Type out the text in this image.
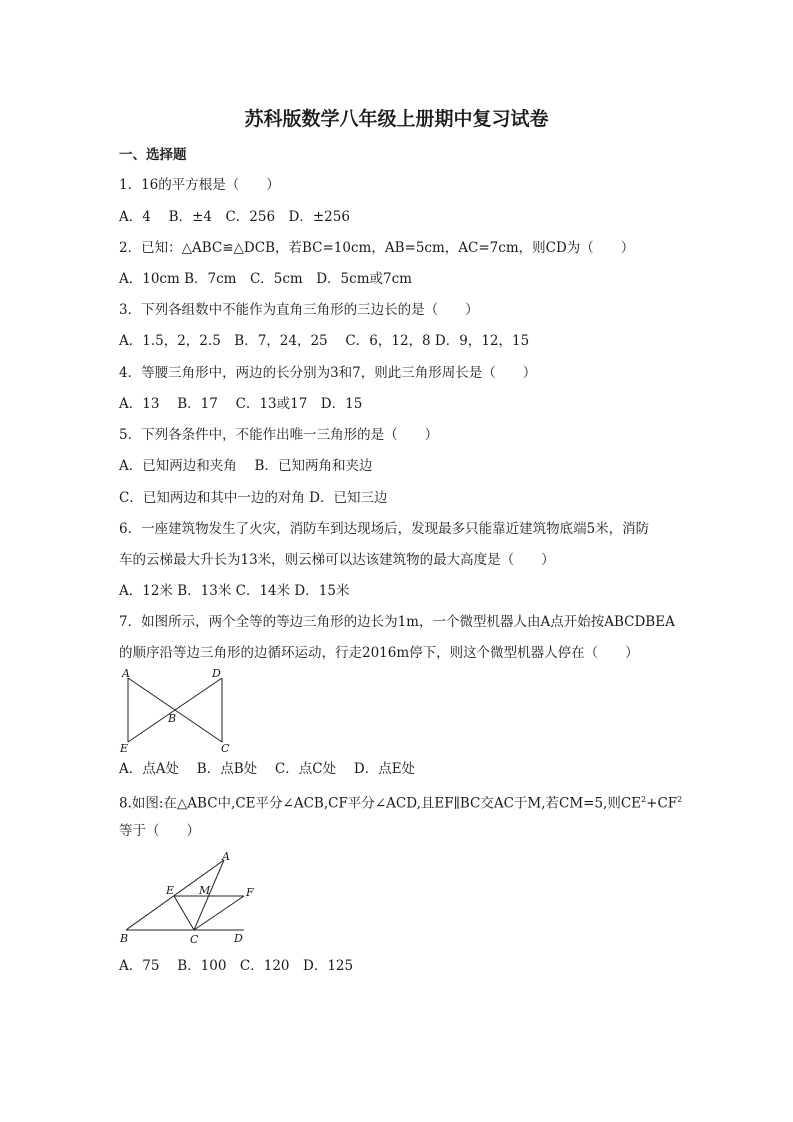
苏科版数学八年级上册期中复习试卷
一、选择题
1．16的平方根是（　　）
A．4　 B．±4　C．256　D．±256
2．已知：△ABC≌△DCB，若BC=10cm，AB=5cm，AC=7cm，则CD为（　　）
A．10cm B．7cm　C．5cm　D．5cm或7cm
3．下列各组数中不能作为直角三角形的三边长的是（　　）
A．1.5，2，2.5　B．7，24，25　 C．6，12，8 D．9，12，15
4．等腰三角形中，两边的长分别为3和7，则此三角形周长是（　　）
A．13　 B．17　 C．13或17　D．15
5．下列各条件中，不能作出唯一三角形的是（　　）
A．已知两边和夹角　 B．已知两角和夹边
C．已知两边和其中一边的对角 D．已知三边
6．一座建筑物发生了火灾，消防车到达现场后，发现最多只能靠近建筑物底端5米，消防
车的云梯最大升长为13米，则云梯可以达该建筑物的最大高度是（　　）
A．12米 B．13米 C．14米 D．15米
7．如图所示，两个全等的等边三角形的边长为1m，一个微型机器人由A点开始按ABCDBEA
的顺序沿等边三角形的边循环运动，行走2016m停下，则这个微型机器人停在（　　）
A	D
B
E	C
A．点A处　 B．点B处　 C．点C处　 D．点E处
8.如图:在△ABC中,CE平分∠ACB,CF平分∠ACD,且EF∥BC交AC于M,若CM=5,则$CE^2+CF^2$
等于（　　）
A
E M	F
B	C	D
A．75　 B．100　C．120　D．125
